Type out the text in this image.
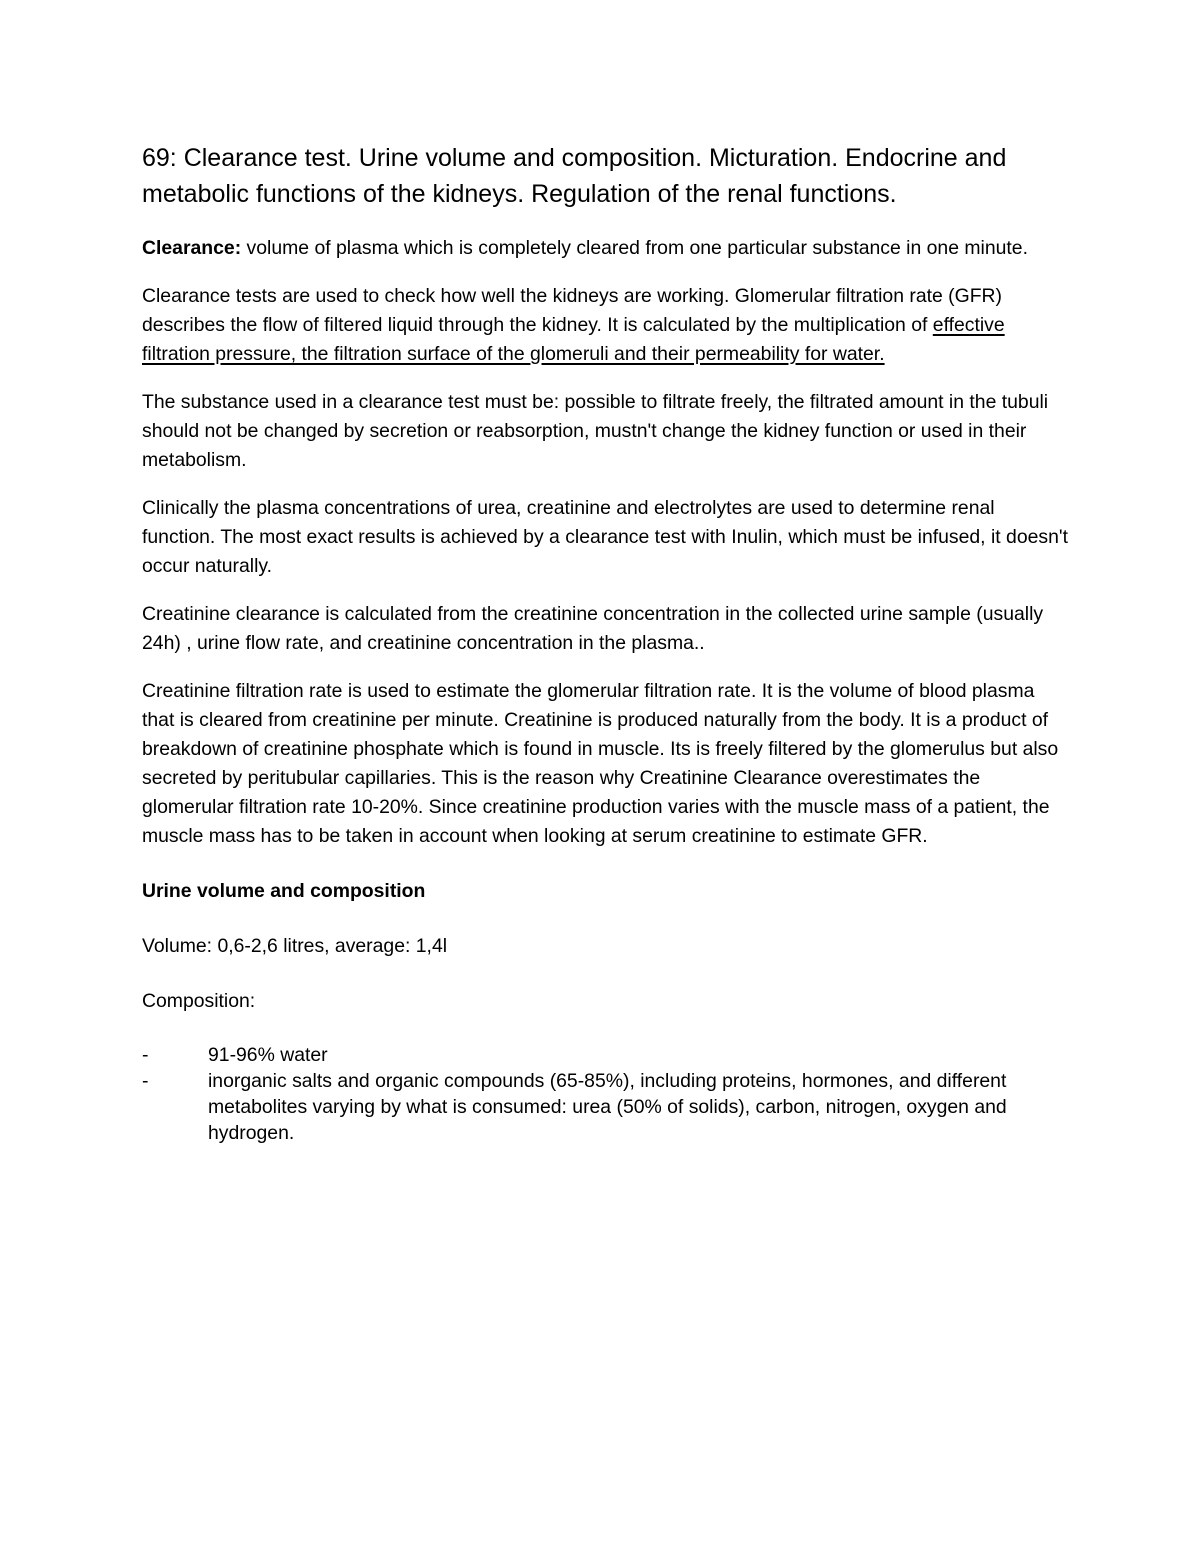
69: Clearance test. Urine volume and composition. Micturation. Endocrine and metabolic functions of the kidneys. Regulation of the renal functions.

Clearance: volume of plasma which is completely cleared from one particular substance in one minute.

Clearance tests are used to check how well the kidneys are working. Glomerular filtration rate (GFR) describes the flow of filtered liquid through the kidney. It is calculated by the multiplication of effective filtration pressure, the filtration surface of the glomeruli and their permeability for water.

The substance used in a clearance test must be: possible to filtrate freely, the filtrated amount in the tubuli should not be changed by secretion or reabsorption, mustn't change the kidney function or used in their metabolism.

Clinically the plasma concentrations of urea, creatinine and electrolytes are used to determine renal function. The most exact results is achieved by a clearance test with Inulin, which must be infused, it doesn't occur naturally.

Creatinine clearance is calculated from the creatinine concentration in the collected urine sample (usually 24h) , urine flow rate, and creatinine concentration in the plasma..

Creatinine filtration rate is used to estimate the glomerular filtration rate. It is the volume of blood plasma that is cleared from creatinine per minute. Creatinine is produced naturally from the body. It is a product of breakdown of creatinine phosphate which is found in muscle. Its is freely filtered by the glomerulus but also secreted by peritubular capillaries. This is the reason why Creatinine Clearance overestimates the glomerular filtration rate 10-20%. Since creatinine production varies with the muscle mass of a patient, the muscle mass has to be taken in account when looking at serum creatinine to estimate GFR.

Urine volume and composition

Volume: 0,6-2,6 litres, average: 1,4l

Composition:

-	91-96% water
-	inorganic salts and organic compounds (65-85%), including proteins, hormones, and different metabolites varying by what is consumed: urea (50% of solids), carbon, nitrogen, oxygen and hydrogen.
